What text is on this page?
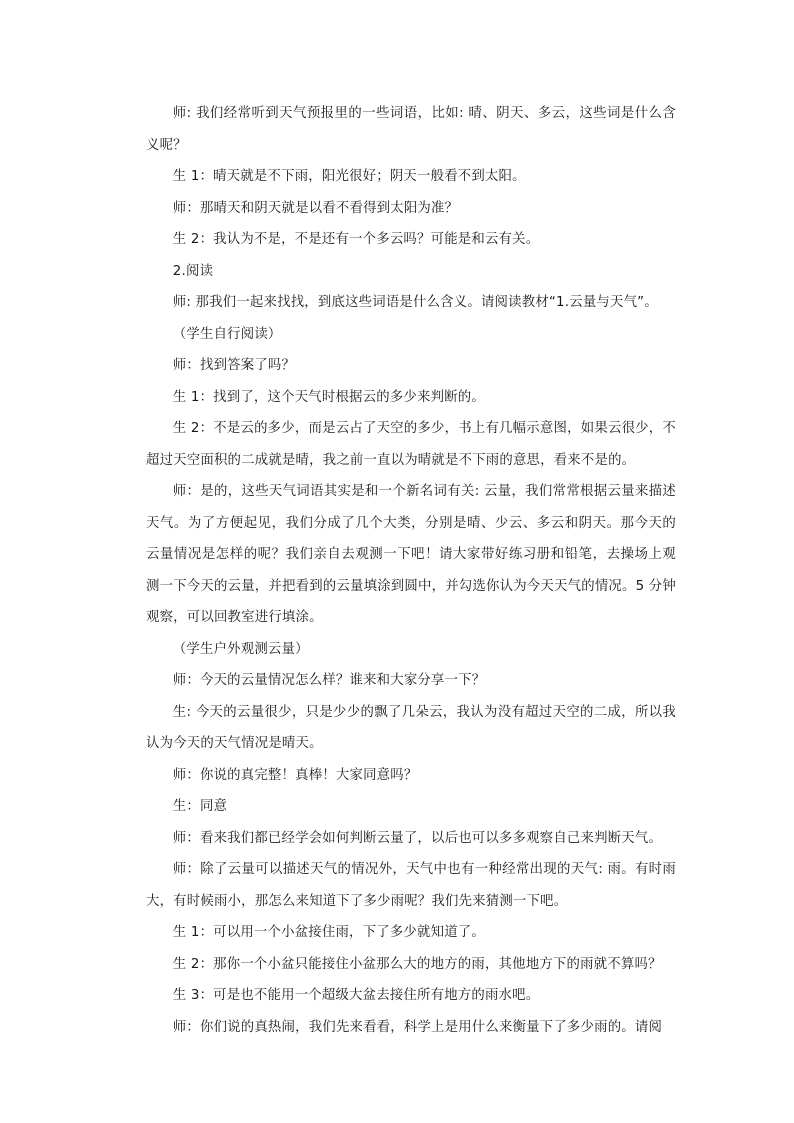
师: 我们经常听到天气预报里的一些词语，比如: 晴、阴天、多云，这些词是什么含义呢？

生 1：晴天就是不下雨，阳光很好；阴天一般看不到太阳。

师：那晴天和阴天就是以看不看得到太阳为准？

生 2：我认为不是，不是还有一个多云吗？可能是和云有关。

2.阅读

师: 那我们一起来找找，到底这些词语是什么含义。请阅读教材“1.云量与天气”。

（学生自行阅读）

师：找到答案了吗？

生 1：找到了，这个天气时根据云的多少来判断的。

生 2：不是云的多少，而是云占了天空的多少，书上有几幅示意图，如果云很少，不超过天空面积的二成就是晴，我之前一直以为晴就是不下雨的意思，看来不是的。

师：是的，这些天气词语其实是和一个新名词有关: 云量，我们常常根据云量来描述天气。为了方便起见，我们分成了几个大类，分别是晴、少云、多云和阴天。那今天的云量情况是怎样的呢？我们亲自去观测一下吧！请大家带好练习册和铅笔，去操场上观测一下今天的云量，并把看到的云量填涂到圆中，并勾选你认为今天天气的情况。5 分钟观察，可以回教室进行填涂。

（学生户外观测云量）

师：今天的云量情况怎么样？谁来和大家分享一下？

生: 今天的云量很少，只是少少的飘了几朵云，我认为没有超过天空的二成，所以我认为今天的天气情况是晴天。

师：你说的真完整！真棒！大家同意吗？

生：同意

师：看来我们都已经学会如何判断云量了，以后也可以多多观察自己来判断天气。

师：除了云量可以描述天气的情况外，天气中也有一种经常出现的天气: 雨。有时雨大，有时候雨小，那怎么来知道下了多少雨呢？我们先来猜测一下吧。

生 1：可以用一个小盆接住雨，下了多少就知道了。

生 2：那你一个小盆只能接住小盆那么大的地方的雨，其他地方下的雨就不算吗？

生 3：可是也不能用一个超级大盆去接住所有地方的雨水吧。

师：你们说的真热闹，我们先来看看，科学上是用什么来衡量下了多少雨的。请阅
